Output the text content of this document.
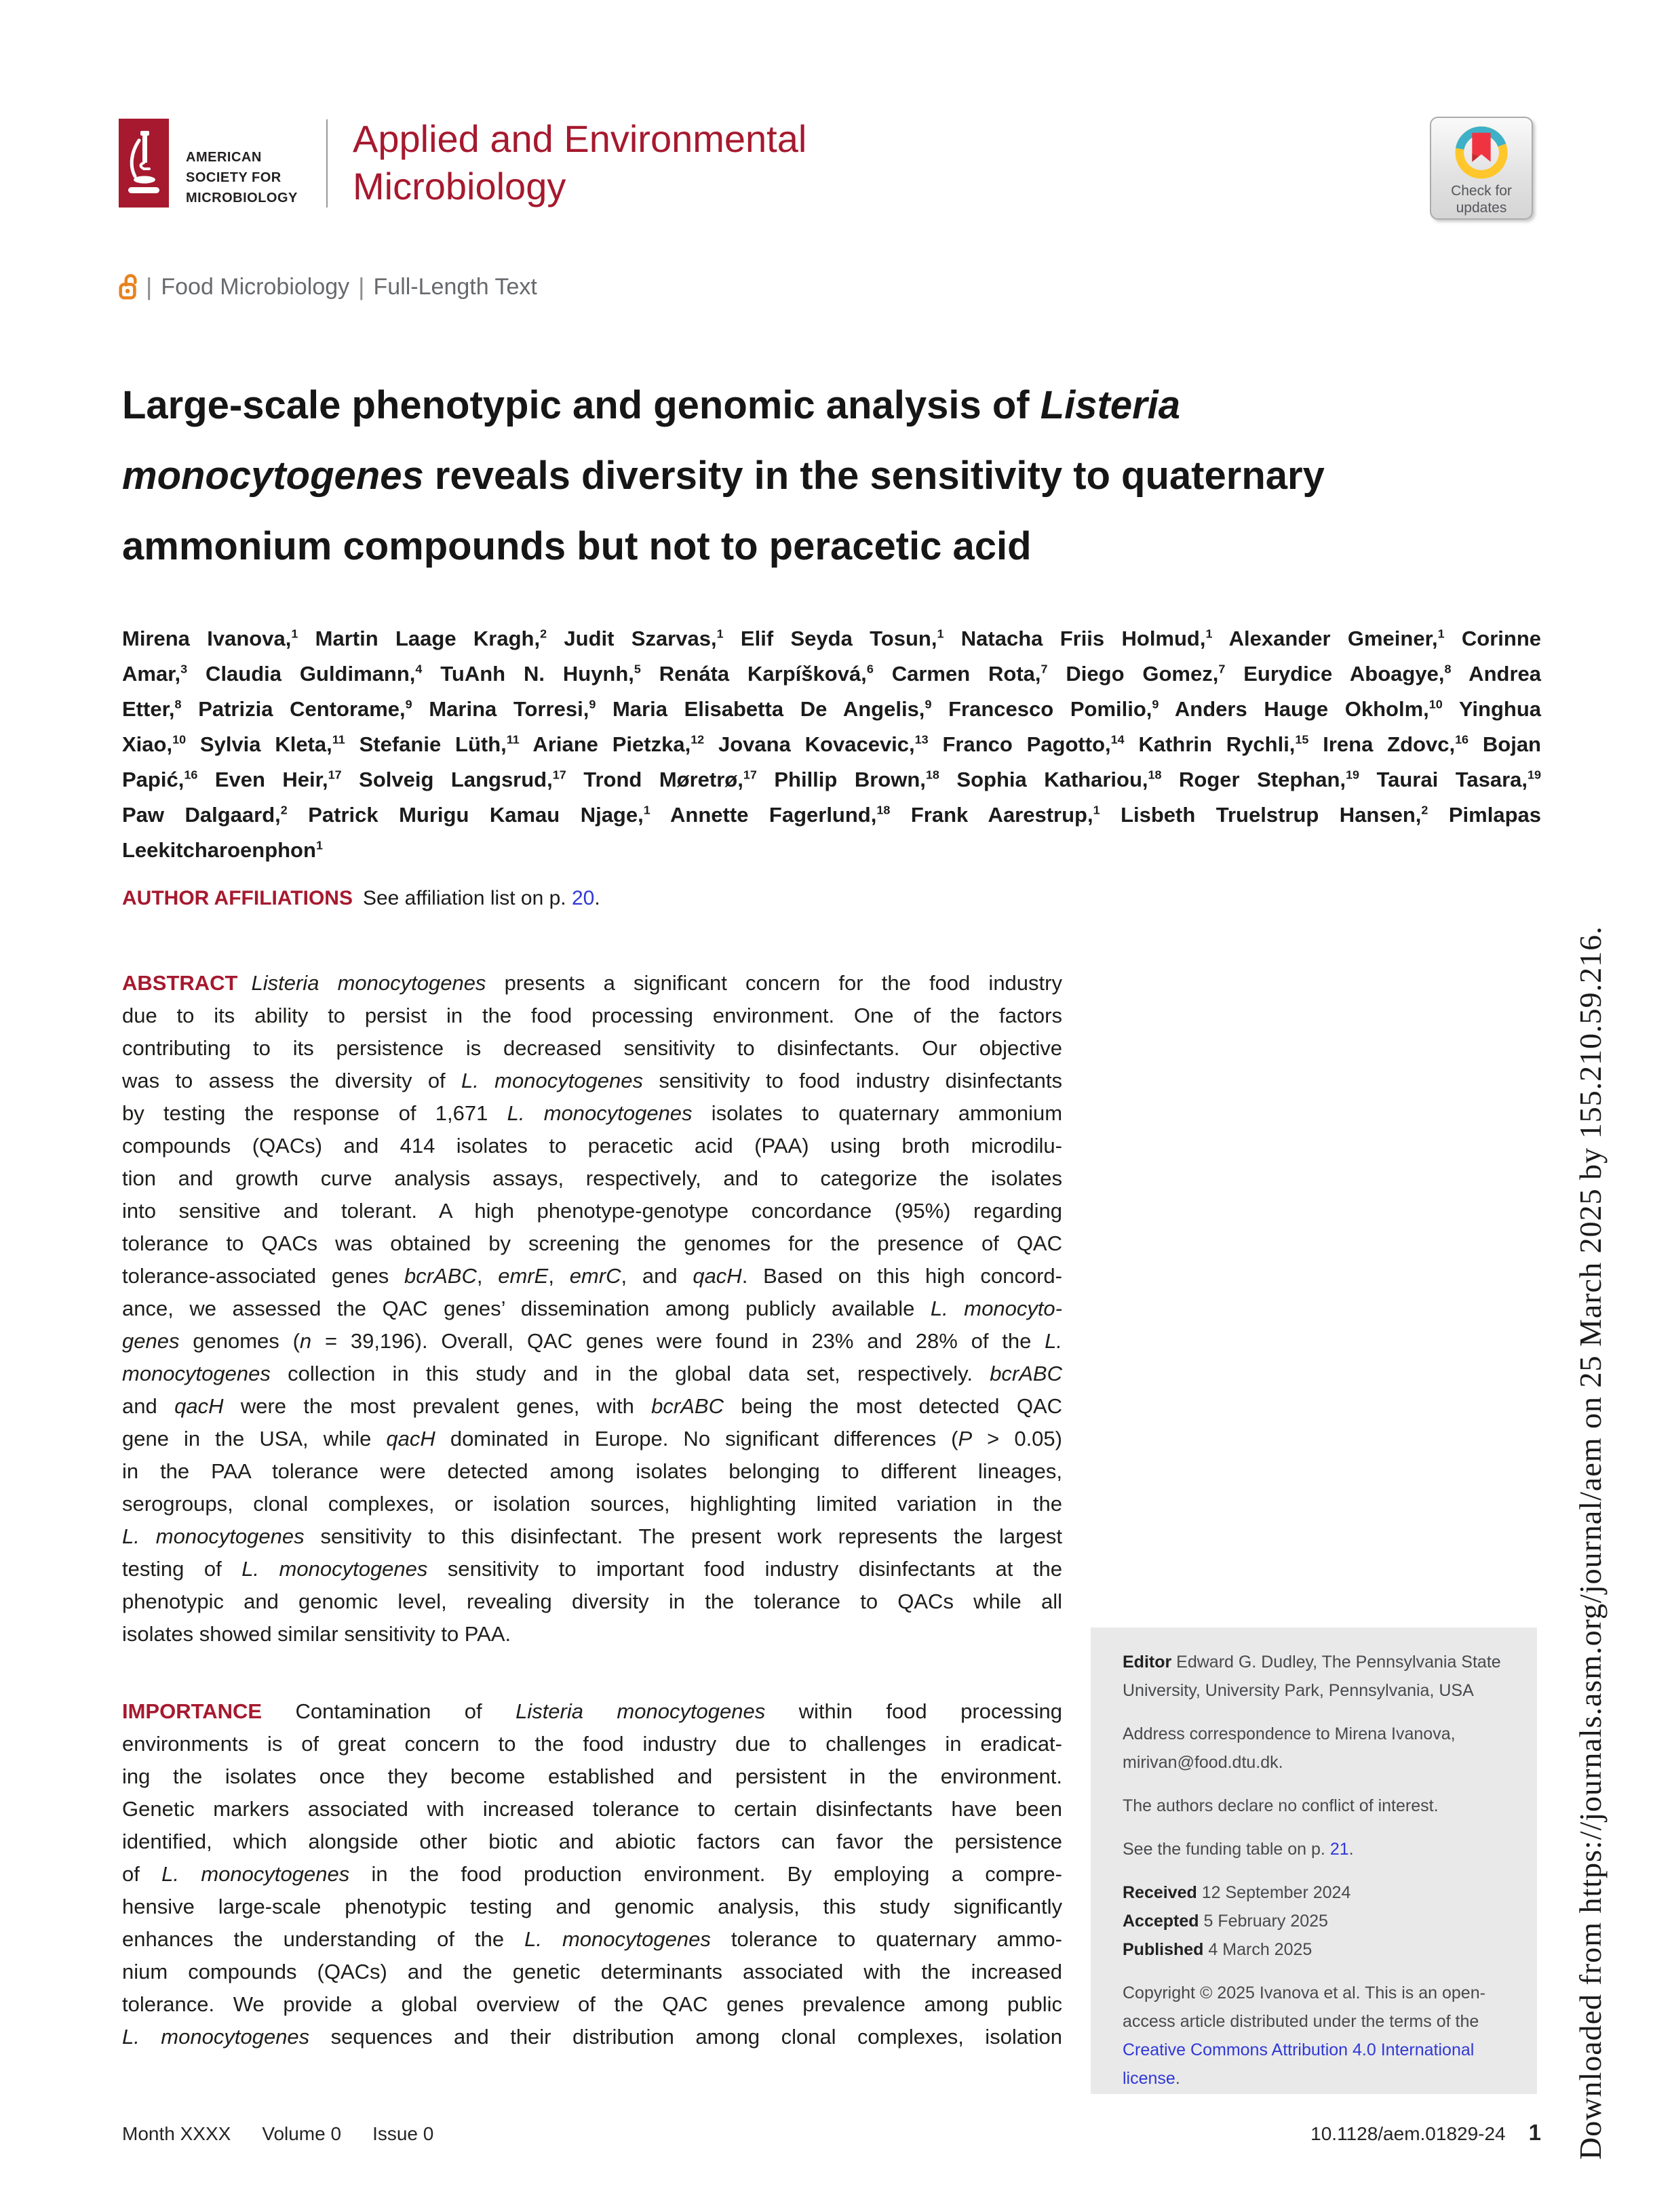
AMERICAN
SOCIETY FOR
MICROBIOLOGY
Applied and Environmental
Microbiology	Check for
updates
| Food Microbiology | Full-Length Text
Large-scale phenotypic and genomic analysis of Listeria
monocytogenes reveals diversity in the sensitivity to quaternary
ammonium compounds but not to peracetic acid
Mirena Ivanova,$^1$ Martin Laage Kragh,$^2$ Judit Szarvas,$^1$ Elif Seyda Tosun,$^1$ Natacha Friis Holmud,$^1$ Alexander Gmeiner,$^1$ Corinne
Amar,$^3$ Claudia Guldimann,$^4$ TuAnh N. Huynh,$^5$ Renáta Karpíšková,$^6$ Carmen Rota,$^7$ Diego Gomez,$^7$ Eurydice Aboagye,$^8$ Andrea
Etter,$^8$ Patrizia Centorame,$^9$ Marina Torresi,$^9$ Maria Elisabetta De Angelis,$^9$ Francesco Pomilio,$^9$ Anders Hauge Okholm,$^{10}$ Yinghua
Xiao,$^{10}$ Sylvia Kleta,$^{11}$ Stefanie Lüth,$^{11}$ Ariane Pietzka,$^{12}$ Jovana Kovacevic,$^{13}$ Franco Pagotto,$^{14}$ Kathrin Rychli,$^{15}$ Irena Zdovc,$^{16}$ Bojan
Papić,$^{16}$ Even Heir,$^{17}$ Solveig Langsrud,$^{17}$ Trond Møretrø,$^{17}$ Phillip Brown,$^{18}$ Sophia Kathariou,$^{18}$ Roger Stephan,$^{19}$ Taurai Tasara,$^{19}$
Paw Dalgaard,$^2$ Patrick Murigu Kamau Njage,$^1$ Annette Fagerlund,$^{18}$ Frank Aarestrup,$^1$ Lisbeth Truelstrup Hansen,$^2$ Pimlapas
Leekitcharoenphon$^1$
AUTHOR AFFILIATIONS  See affiliation list on p. 20.
ABSTRACT Listeria monocytogenes presents a significant concern for the food industry
due to its ability to persist in the food processing environment. One of the factors
contributing to its persistence is decreased sensitivity to disinfectants. Our objective
was to assess the diversity of L. monocytogenes sensitivity to food industry disinfectants
by testing the response of 1,671 L. monocytogenes isolates to quaternary ammonium
compounds (QACs) and 414 isolates to peracetic acid (PAA) using broth microdilu-
tion and growth curve analysis assays, respectively, and to categorize the isolates
into sensitive and tolerant. A high phenotype-genotype concordance (95%) regarding
tolerance to QACs was obtained by screening the genomes for the presence of QAC
tolerance-associated genes bcrABC, emrE, emrC, and qacH. Based on this high concord-
ance, we assessed the QAC genes’ dissemination among publicly available L. monocyto-
genes genomes (n = 39,196). Overall, QAC genes were found in 23% and 28% of the L.
monocytogenes collection in this study and in the global data set, respectively. bcrABC
and qacH were the most prevalent genes, with bcrABC being the most detected QAC
gene in the USA, while qacH dominated in Europe. No significant differences (P > 0.05)
in the PAA tolerance were detected among isolates belonging to different lineages,
serogroups, clonal complexes, or isolation sources, highlighting limited variation in the
L. monocytogenes sensitivity to this disinfectant. The present work represents the largest
testing of L. monocytogenes sensitivity to important food industry disinfectants at the
phenotypic and genomic level, revealing diversity in the tolerance to QACs while all
isolates showed similar sensitivity to PAA.
IMPORTANCE Contamination of Listeria monocytogenes within food processing
environments is of great concern to the food industry due to challenges in eradicat-
ing the isolates once they become established and persistent in the environment.
Genetic markers associated with increased tolerance to certain disinfectants have been
identified, which alongside other biotic and abiotic factors can favor the persistence
of L. monocytogenes in the food production environment. By employing a compre-
hensive large-scale phenotypic testing and genomic analysis, this study significantly
enhances the understanding of the L. monocytogenes tolerance to quaternary ammo-
nium compounds (QACs) and the genetic determinants associated with the increased
tolerance. We provide a global overview of the QAC genes prevalence among public
L. monocytogenes sequences and their distribution among clonal complexes, isolation
Editor Edward G. Dudley, The Pennsylvania State University, University Park, Pennsylvania, USA
Address correspondence to Mirena Ivanova, mirivan@food.dtu.dk.
The authors declare no conflict of interest.
See the funding table on p. 21.
Received 12 September 2024
Accepted 5 February 2025
Published 4 March 2025
Copyright © 2025 Ivanova et al. This is an open-access article distributed under the terms of the Creative Commons Attribution 4.0 International license.
Month XXXX Volume 0 Issue 0	10.1128/aem.01829-24 1 Downloaded from https://journals.asm.org/journal/aem on 25 March 2025 by 155.210.59.216.
